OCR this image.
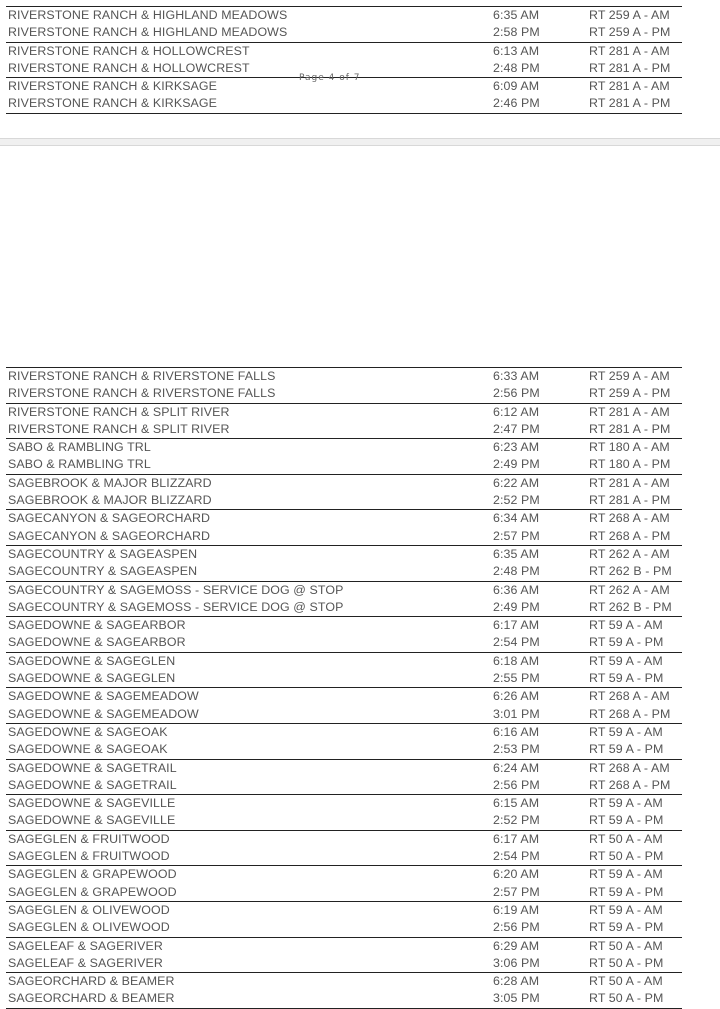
RIVERSTONE RANCH & HIGHLAND MEADOWS	6:35 AM	RT 259 A - AM
RIVERSTONE RANCH & HIGHLAND MEADOWS	2:58 PM	RT 259 A - PM
RIVERSTONE RANCH & HOLLOWCREST	6:13 AM	RT 281 A - AM
RIVERSTONE RANCH & HOLLOWCREST	2:48 PM	RT 281 A - PM
RIVERSTONE RANCH & KIRKSAGE	6:09 AM	RT 281 A - AM
RIVERSTONE RANCH & KIRKSAGE	2:46 PM	RT 281 A - PM
Page 4 of 7
RIVERSTONE RANCH & RIVERSTONE FALLS	6:33 AM	RT 259 A - AM
RIVERSTONE RANCH & RIVERSTONE FALLS	2:56 PM	RT 259 A - PM
RIVERSTONE RANCH & SPLIT RIVER	6:12 AM	RT 281 A - AM
RIVERSTONE RANCH & SPLIT RIVER	2:47 PM	RT 281 A - PM
SABO & RAMBLING TRL	6:23 AM	RT 180 A - AM
SABO & RAMBLING TRL	2:49 PM	RT 180 A - PM
SAGEBROOK & MAJOR BLIZZARD	6:22 AM	RT 281 A - AM
SAGEBROOK & MAJOR BLIZZARD	2:52 PM	RT 281 A - PM
SAGECANYON & SAGEORCHARD	6:34 AM	RT 268 A - AM
SAGECANYON & SAGEORCHARD	2:57 PM	RT 268 A - PM
SAGECOUNTRY & SAGEASPEN	6:35 AM	RT 262 A - AM
SAGECOUNTRY & SAGEASPEN	2:48 PM	RT 262 B - PM
SAGECOUNTRY & SAGEMOSS - SERVICE DOG @ STOP	6:36 AM	RT 262 A - AM
SAGECOUNTRY & SAGEMOSS - SERVICE DOG @ STOP	2:49 PM	RT 262 B - PM
SAGEDOWNE & SAGEARBOR	6:17 AM	RT 59 A - AM
SAGEDOWNE & SAGEARBOR	2:54 PM	RT 59 A - PM
SAGEDOWNE & SAGEGLEN	6:18 AM	RT 59 A - AM
SAGEDOWNE & SAGEGLEN	2:55 PM	RT 59 A - PM
SAGEDOWNE & SAGEMEADOW	6:26 AM	RT 268 A - AM
SAGEDOWNE & SAGEMEADOW	3:01 PM	RT 268 A - PM
SAGEDOWNE & SAGEOAK	6:16 AM	RT 59 A - AM
SAGEDOWNE & SAGEOAK	2:53 PM	RT 59 A - PM
SAGEDOWNE & SAGETRAIL	6:24 AM	RT 268 A - AM
SAGEDOWNE & SAGETRAIL	2:56 PM	RT 268 A - PM
SAGEDOWNE & SAGEVILLE	6:15 AM	RT 59 A - AM
SAGEDOWNE & SAGEVILLE	2:52 PM	RT 59 A - PM
SAGEGLEN & FRUITWOOD	6:17 AM	RT 50 A - AM
SAGEGLEN & FRUITWOOD	2:54 PM	RT 50 A - PM
SAGEGLEN & GRAPEWOOD	6:20 AM	RT 59 A - AM
SAGEGLEN & GRAPEWOOD	2:57 PM	RT 59 A - PM
SAGEGLEN & OLIVEWOOD	6:19 AM	RT 59 A - AM
SAGEGLEN & OLIVEWOOD	2:56 PM	RT 59 A - PM
SAGELEAF & SAGERIVER	6:29 AM	RT 50 A - AM
SAGELEAF & SAGERIVER	3:06 PM	RT 50 A - PM
SAGEORCHARD & BEAMER	6:28 AM	RT 50 A - AM
SAGEORCHARD & BEAMER	3:05 PM	RT 50 A - PM
